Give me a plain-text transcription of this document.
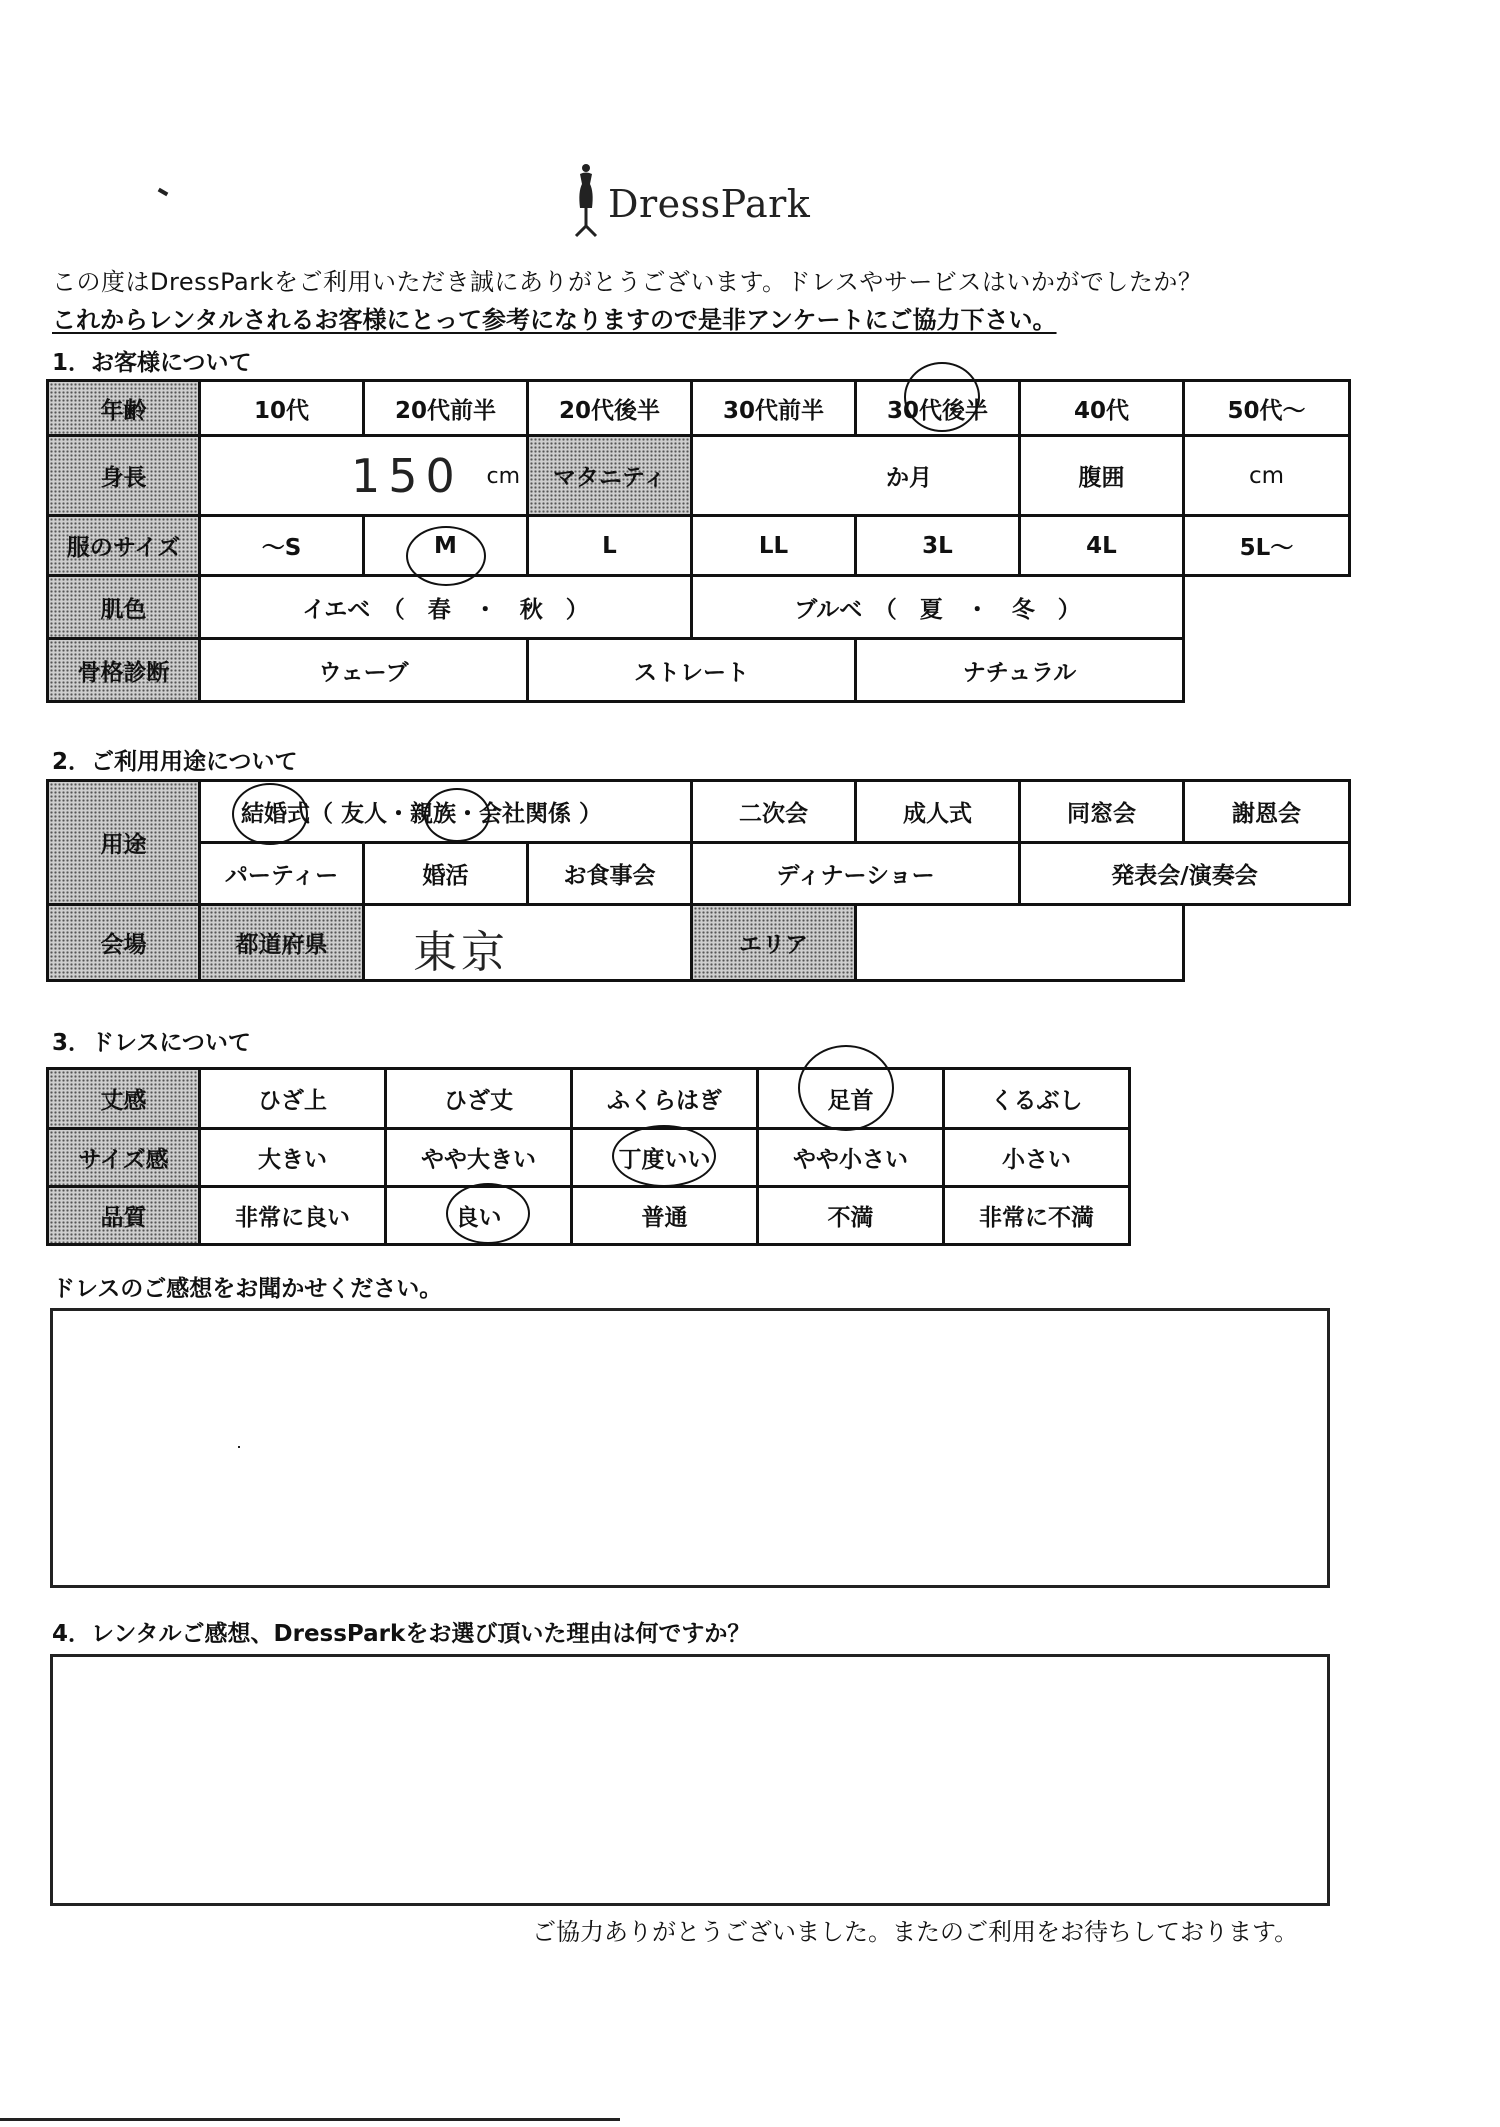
DressPark
この度はDressParkをご利用いただき誠にありがとうございます。ドレスやサービスはいかがでしたか？
これからレンタルされるお客様にとって参考になりますので是非アンケートにご協力下さい。
1．お客様について
年齢	10代	20代前半	20代後半	30代前半	30代後半	40代	50代～
身長	150 cm		マタニティ	か月		腹囲	cm
服のサイズ	～S	M	L	LL	3L	4L	5L～
肌色	イエベ　（　春　・　秋　）			ブルベ　（　夏　・　冬　）			
骨格診断	ウェーブ		ストレート		ナチュラル		
2．ご利用用途について
用途	結婚式（ 友人・親族・会社関係 ）			二次会	成人式	同窓会	謝恩会
	パーティー	婚活	お食事会	ディナーショー		発表会/演奏会	
会場	都道府県	東京		エリア			
3．ドレスについて
丈感	ひざ上	ひざ丈	ふくらはぎ	足首	くるぶし
サイズ感	大きい	やや大きい	丁度いい	やや小さい	小さい
品質	非常に良い	良い	普通	不満	非常に不満
ドレスのご感想をお聞かせください。
4．レンタルご感想、DressParkをお選び頂いた理由は何ですか？
ご協力ありがとうございました。またのご利用をお待ちしております。
